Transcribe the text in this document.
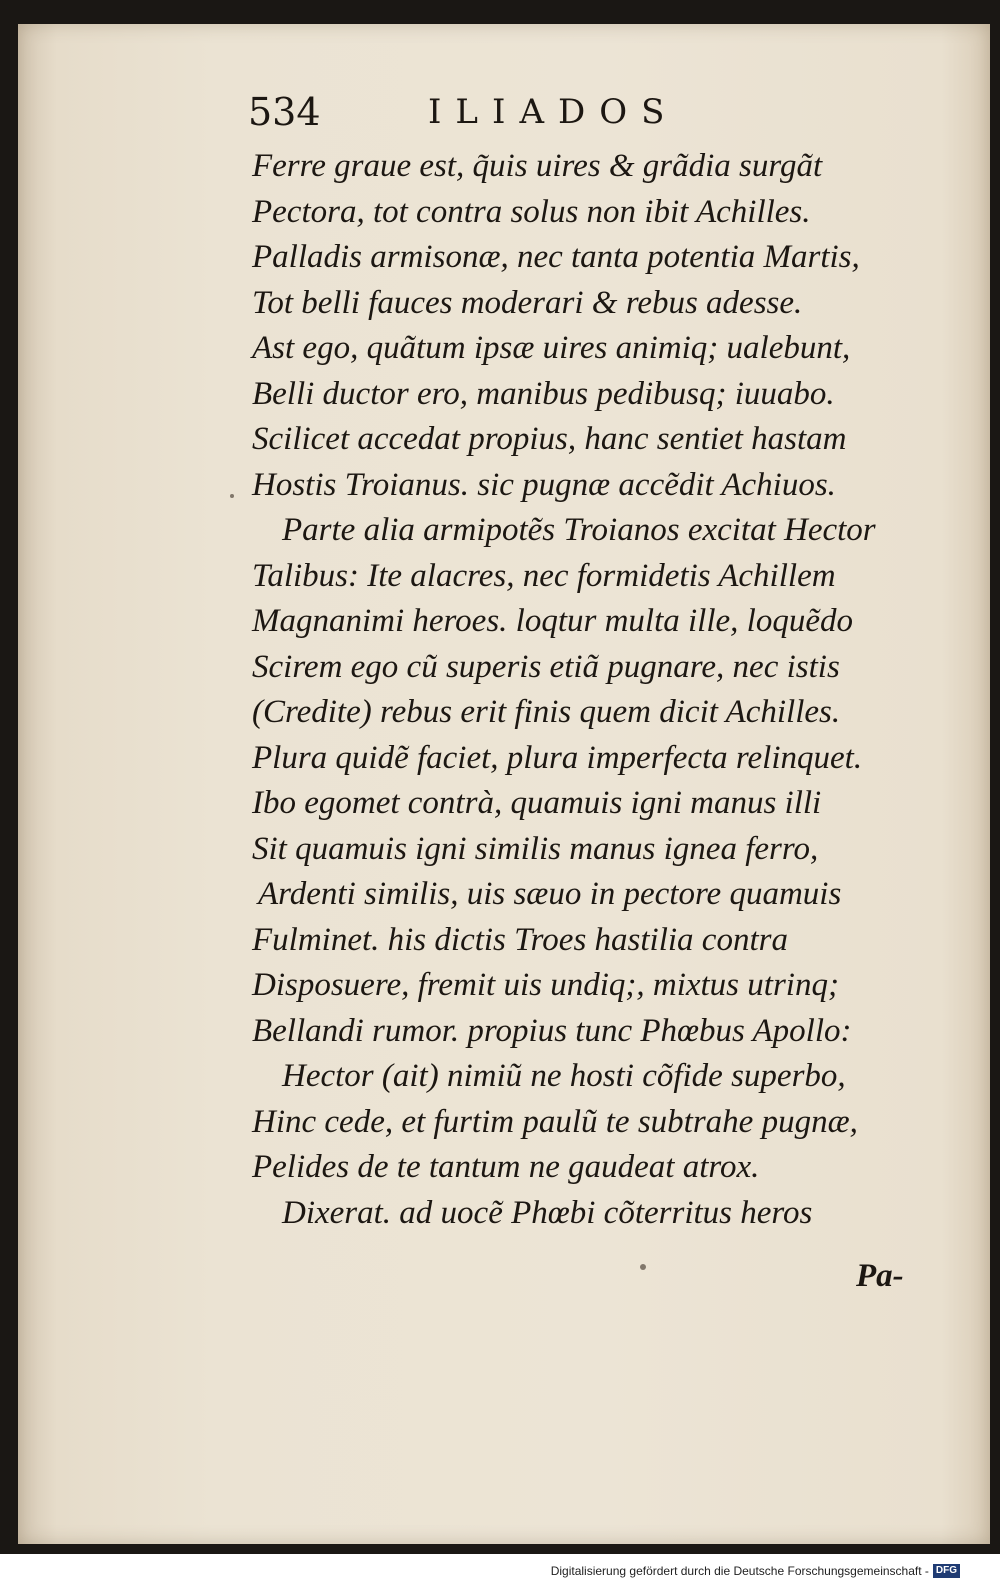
534	ILIADOS
Ferre graue est, q̃uis uires & grãdia surgãt
Pectora, tot contra solus non ibit Achilles.
Palladis armisonæ, nec tanta potentia Martis,
Tot belli fauces moderari & rebus adesse.
Ast ego, quãtum ipsæ uires animiq; ualebunt,
Belli ductor ero, manibus pedibusq; iuuabo.
Scilicet accedat propius, hanc sentiet hastam
Hostis Troianus. sic pugnæ accẽdit Achiuos.
Parte alia armipotẽs Troianos excitat Hector
Talibus: Ite alacres, nec formidetis Achillem
Magnanimi heroes. loqtur multa ille, loquẽdo
Scirem ego cũ superis etiã pugnare, nec istis
(Credite) rebus erit finis quem dicit Achilles.
Plura quidẽ faciet, plura imperfecta relinquet.
Ibo egomet contrà, quamuis igni manus illi
Sit quamuis igni similis manus ignea ferro,
Ardenti similis, uis sæuo in pectore quamuis
Fulminet. his dictis Troes hastilia contra
Disposuere, fremit uis undiq;, mixtus utrinq;
Bellandi rumor. propius tunc Phœbus Apollo:
Hector (ait) nimiũ ne hosti cõfide superbo,
Hinc cede, et furtim paulũ te subtrahe pugnæ,
Pelides de te tantum ne gaudeat atrox.
Dixerat. ad uocẽ Phœbi cõterritus heros
Pa-
Digitalisierung gefördert durch die Deutsche Forschungsgemeinschaft - DFG
